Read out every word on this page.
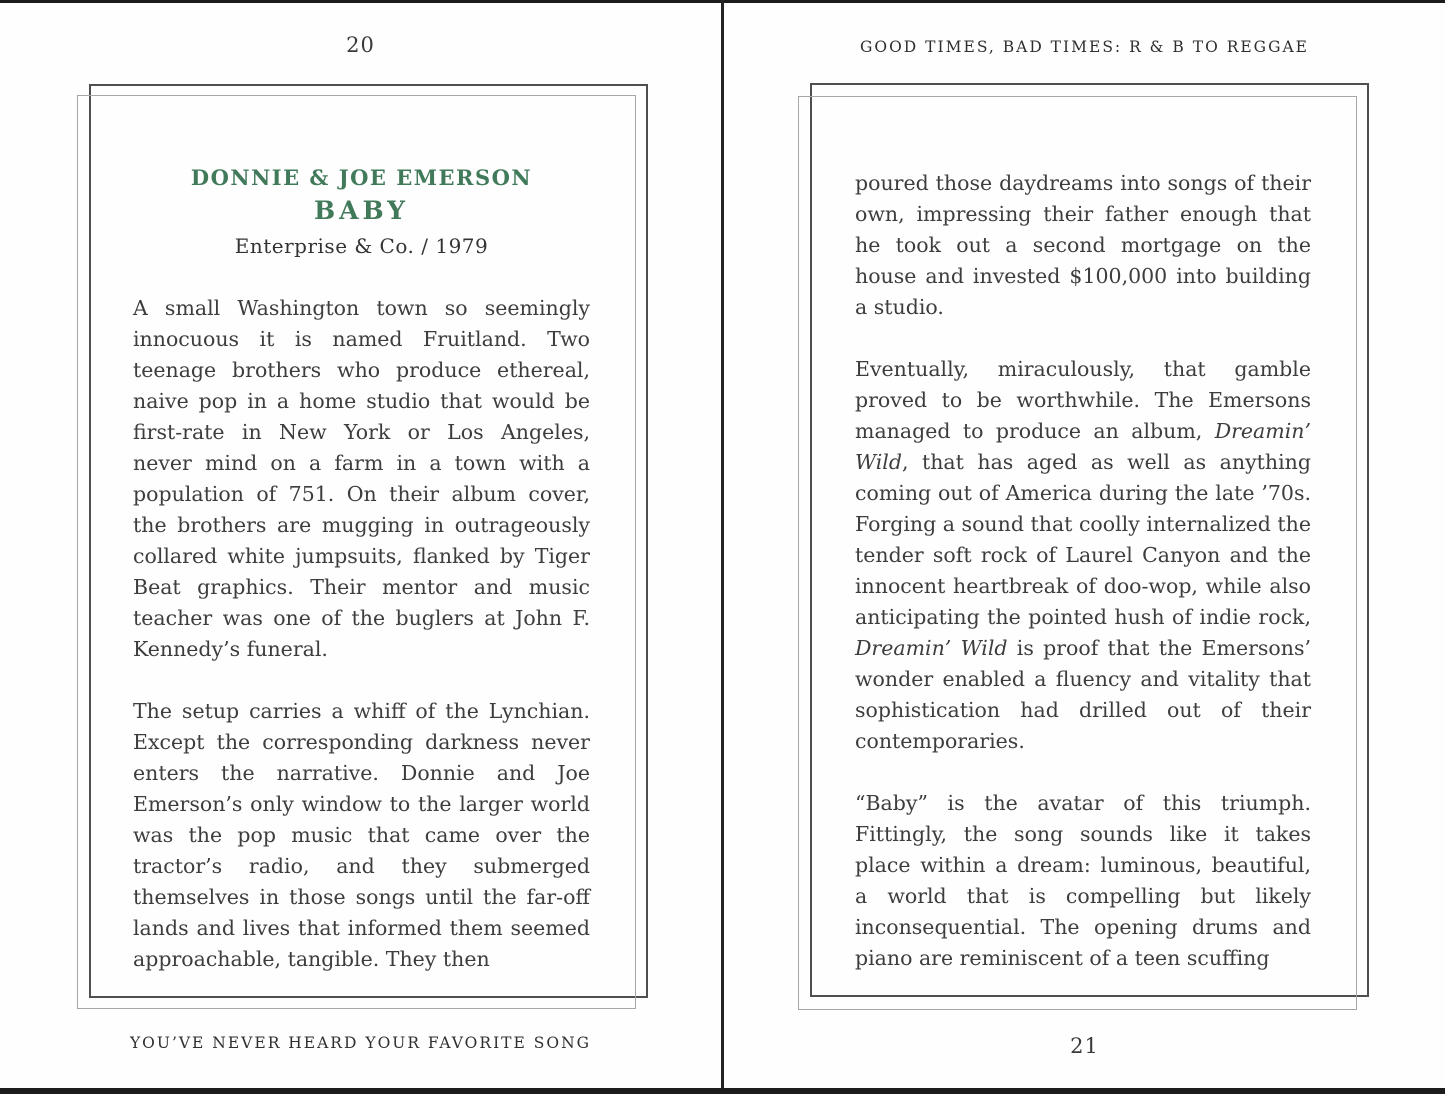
20
DONNIE & JOE EMERSON
BABY
Enterprise & Co. / 1979

A small Washington town so seemingly innocuous it is named Fruitland. Two teenage brothers who produce ethereal, naive pop in a home studio that would be first-rate in New York or Los Angeles, never mind on a farm in a town with a population of 751. On their album cover, the brothers are mugging in outrageously collared white jumpsuits, flanked by Tiger Beat graphics. Their mentor and music teacher was one of the buglers at John F. Kennedy’s funeral.

The setup carries a whiff of the Lynchian. Except the corresponding darkness never enters the narrative. Donnie and Joe Emerson’s only window to the larger world was the pop music that came over the tractor’s radio, and they submerged themselves in those songs until the far-off lands and lives that informed them seemed approachable, tangible. They then

YOU’VE NEVER HEARD YOUR FAVORITE SONG
GOOD TIMES, BAD TIMES: R & B TO REGGAE

poured those daydreams into songs of their own, impressing their father enough that he took out a second mortgage on the house and invested $100,000 into building a studio.

Eventually, miraculously, that gamble proved to be worthwhile. The Emersons managed to produce an album, Dreamin’ Wild, that has aged as well as anything coming out of America during the late ’70s. Forging a sound that coolly internalized the tender soft rock of Laurel Canyon and the innocent heartbreak of doo-wop, while also anticipating the pointed hush of indie rock, Dreamin’ Wild is proof that the Emersons’ wonder enabled a fluency and vitality that sophistication had drilled out of their contemporaries.

“Baby” is the avatar of this triumph. Fittingly, the song sounds like it takes place within a dream: luminous, beautiful, a world that is compelling but likely inconsequential. The opening drums and piano are reminiscent of a teen scuffing

21
